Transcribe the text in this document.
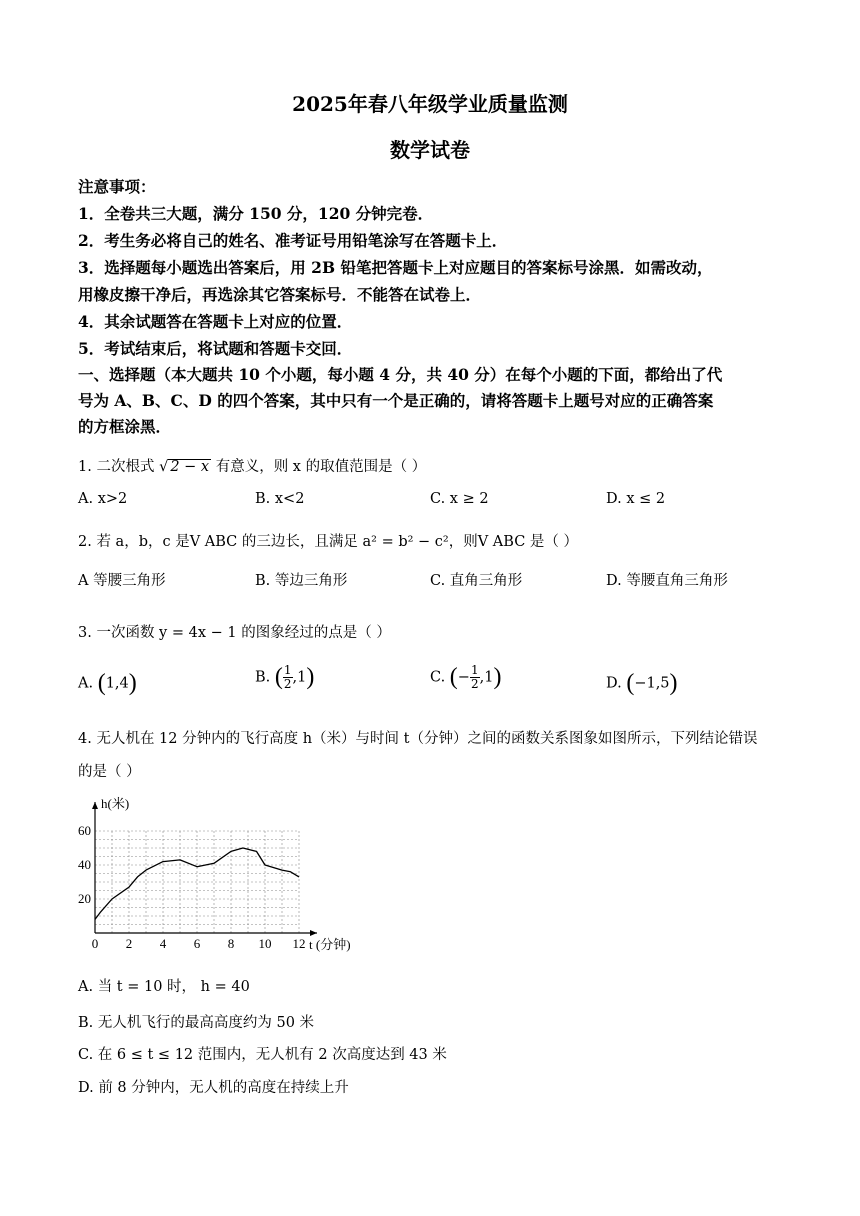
2025年春八年级学业质量监测
数学试卷
注意事项：
1．全卷共三大题，满分 150 分，120 分钟完卷．
2．考生务必将自己的姓名、准考证号用铅笔涂写在答题卡上．
3．选择题每小题选出答案后，用 2B 铅笔把答题卡上对应题目的答案标号涂黑．如需改动，
用橡皮擦干净后，再选涂其它答案标号．不能答在试卷上．
4．其余试题答在答题卡上对应的位置．
5．考试结束后，将试题和答题卡交回．
一、选择题（本大题共 10 个小题，每小题 4 分，共 40 分）在每个小题的下面，都给出了代
号为 A、B、C、D 的四个答案，其中只有一个是正确的，请将答题卡上题号对应的正确答案
的方框涂黑．
1. 二次根式 √ 2 − x 有意义，则 x 的取值范围是（ ）
A. x>2	B. x<2	C. x ≥ 2	D. x ≤ 2
2. 若 a，b，c 是V ABC 的三边长，且满足 a² = b² − c²，则V ABC 是（ ）
A 等腰三角形	B. 等边三角形	C. 直角三角形	D. 等腰直角三角形
3. 一次函数 y = 4x − 1 的图象经过的点是（ ）
A. (1,4)	B. ( $\frac{1}{2} ,1$)	C. (− $\frac{1}{2} ,1$)	D. (−1,5)
4. 无人机在 12 分钟内的飞行高度 h（米）与时间 t（分钟）之间的函数关系图象如图所示，下列结论错误
的是（ ）
0 2 4 6 8 10 12
20
40
60
h(米)
t (分钟)
A. 当 t = 10 时， h = 40
B. 无人机飞行的最高高度约为 50 米
C. 在 6 ≤ t ≤ 12 范围内，无人机有 2 次高度达到 43 米
D. 前 8 分钟内，无人机的高度在持续上升
